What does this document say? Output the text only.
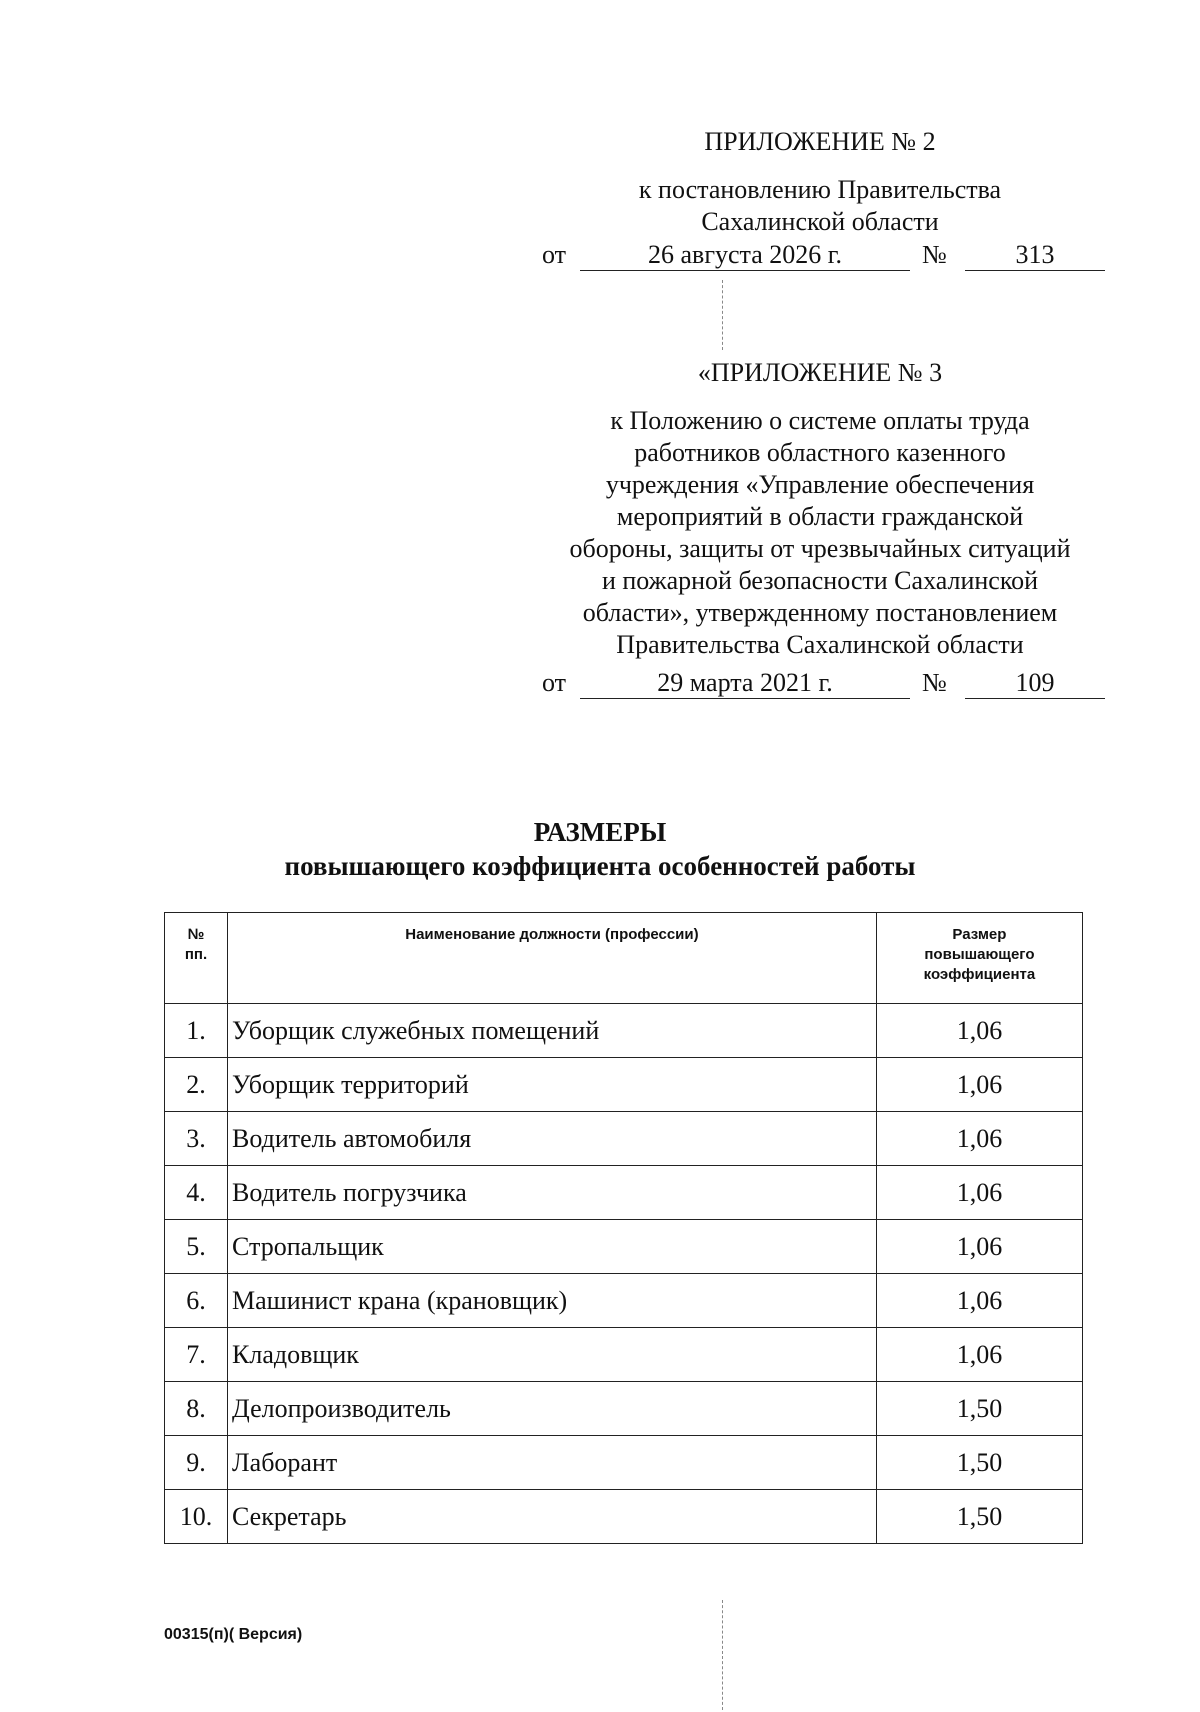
ПРИЛОЖЕНИЕ № 2
к постановлению Правительства
Сахалинской области
от	26 августа 2026 г.	№	313
«ПРИЛОЖЕНИЕ № 3
к Положению о системе оплаты труда
работников областного казенного
учреждения «Управление обеспечения
мероприятий в области гражданской
обороны, защиты от чрезвычайных ситуаций
и пожарной безопасности Сахалинской
области», утвержденному постановлением
Правительства Сахалинской области
от	29 марта 2021 г.	№	109
РАЗМЕРЫ
повышающего коэффициента особенностей работы
№
пп.	Наименование должности (профессии)	Размер
повышающего
коэффициента
1.	Уборщик служебных помещений	1,06
2.	Уборщик территорий	1,06
3.	Водитель автомобиля	1,06
4.	Водитель погрузчика	1,06
5.	Стропальщик	1,06
6.	Машинист крана (крановщик)	1,06
7.	Кладовщик	1,06
8.	Делопроизводитель	1,50
9.	Лаборант	1,50
10.	Секретарь	1,50
00315(п)( Версия)
